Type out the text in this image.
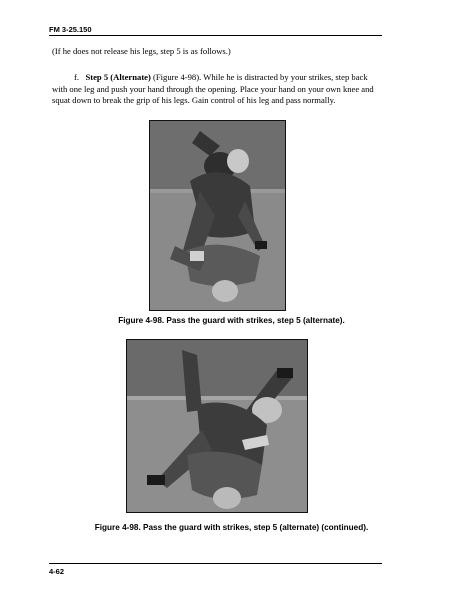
FM 3-25.150
(If he does not release his legs, step 5 is as follows.)
f. Step 5 (Alternate) (Figure 4-98). While he is distracted by your strikes, step back with one leg and push your hand through the opening. Place your hand on your own knee and squat down to break the grip of his legs. Gain control of his leg and pass normally.
Figure 4-98. Pass the guard with strikes, step 5 (alternate).
Figure 4-98. Pass the guard with strikes, step 5 (alternate) (continued).
4-62
